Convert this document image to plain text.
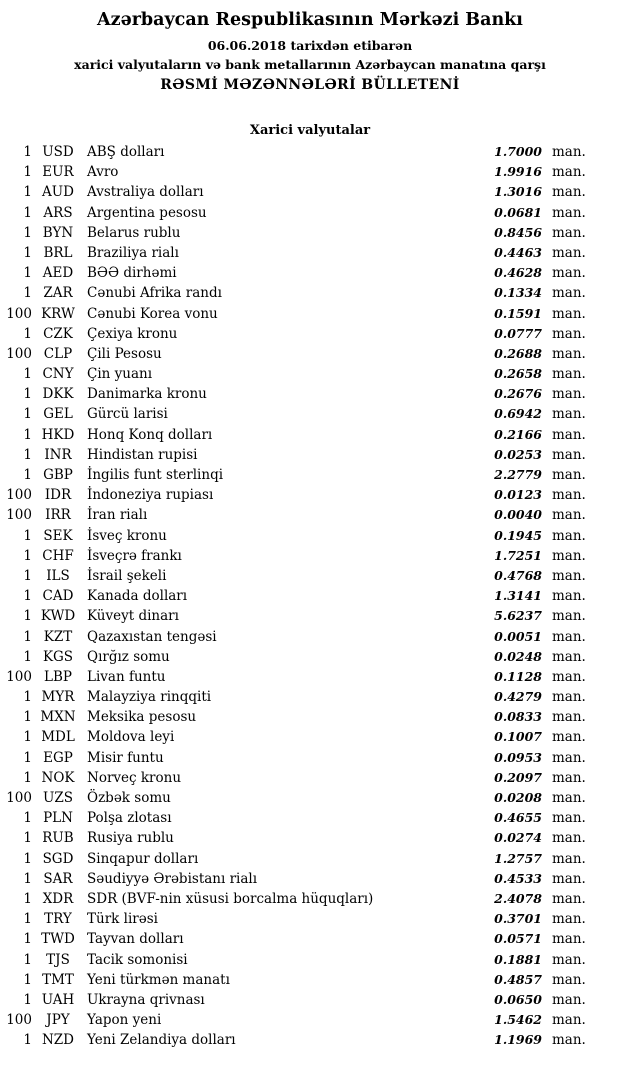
Azərbaycan Respublikasının Mərkəzi Bankı
06.06.2018 tarixdən etibarən
xarici valyutaların və bank metallarının Azərbaycan manatına qarşı
RƏSMİ MƏZƏNNƏLƏRİ BÜLLETENİ
Xarici valyutalar
1 USD ABŞ dolları	1.7000 man.
1 EUR Avro	1.9916 man.
1 AUD Avstraliya dolları	1.3016 man.
1 ARS	Argentina pesosu	0.0681 man.
1 BYN	Belarus rublu	0.8456 man.
1 BRL	Braziliya rialı	0.4463 man.
1 AED	BƏƏ dirhəmi	0.4628 man.
1 ZAR	Cənubi Afrika randı	0.1334 man.
100 KRW Cənubi Korea vonu	0.1591 man.
1 CZK	Çexiya kronu	0.0777 man.
100 CLP	Çili Pesosu	0.2688 man.
1 CNY Çin yuanı	0.2658 man.
1 DKK	Danimarka kronu	0.2676 man.
1 GEL	Gürcü larisi	0.6942 man.
1 HKD Honq Konq dolları	0.2166 man.
1 INR	Hindistan rupisi	0.0253 man.
1 GBP	İngilis funt sterlinqi	2.2779 man.
100 IDR	İndoneziya rupiası	0.0123 man.
100 IRR	İran rialı	0.0040 man.
1 SEK	İsveç kronu	0.1945 man.
1 CHF İsveçrə frankı	1.7251 man.
1	ILS	İsrail şekeli	0.4768 man.
1 CAD	Kanada dolları	1.3141 man.
1 KWD Küveyt dinarı	5.6237 man.
1 KZT	Qazaxıstan tengəsi	0.0051 man.
1 KGS	Qırğız somu	0.0248 man.
100 LBP	Livan funtu	0.1128 man.
1 MYR Malayziya rinqqiti	0.4279 man.
1 MXN Meksika pesosu	0.0833 man.
1 MDL Moldova leyi	0.1007 man.
1 EGP	Misir funtu	0.0953 man.
1 NOK Norveç kronu	0.2097 man.
100 UZS	Özbək somu	0.0208 man.
1 PLN	Polşa zlotası	0.4655 man.
1 RUB Rusiya rublu	0.0274 man.
1 SGD	Sinqapur dolları	1.2757 man.
1 SAR	Səudiyyə Ərəbistanı rialı	0.4533 man.
1 XDR	SDR (BVF-nin xüsusi borcalma hüquqları)	2.4078 man.
1 TRY	Türk lirəsi	0.3701 man.
1 TWD Tayvan dolları	0.0571 man.
1	TJS	Tacik somonisi	0.1881 man.
1 TMT Yeni türkmən manatı	0.4857 man.
1 UAH Ukrayna qrivnası	0.0650 man.
100	JPY	Yapon yeni	1.5462 man.
1 NZD Yeni Zelandiya dolları	1.1969 man.
